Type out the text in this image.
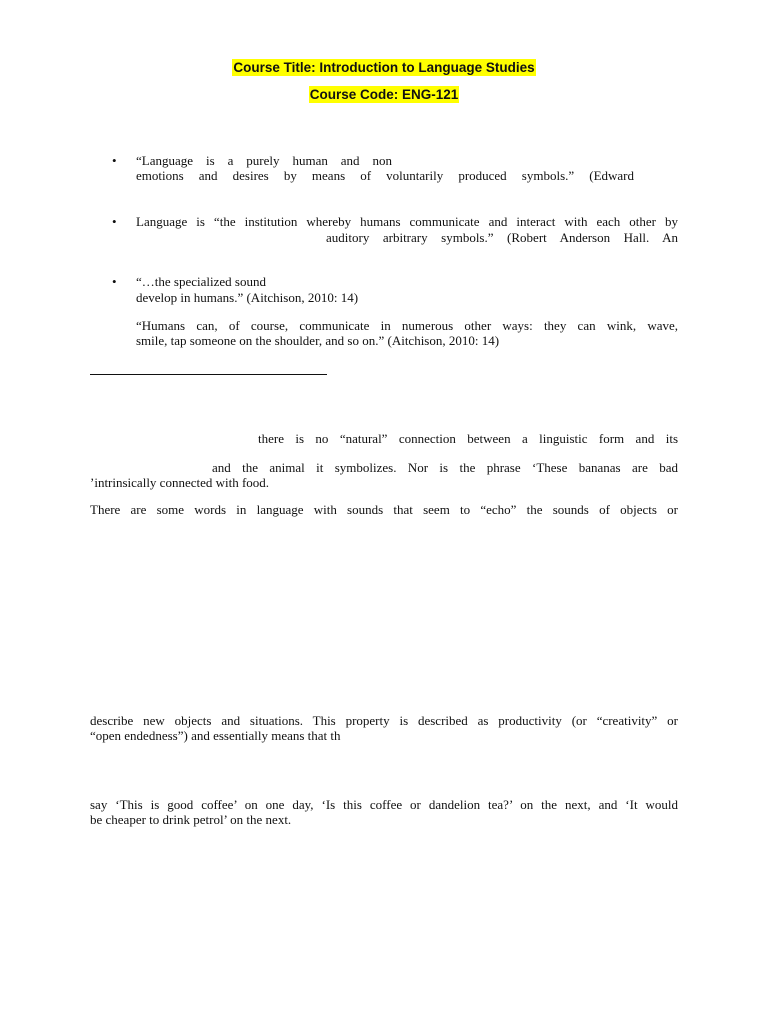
Course Title: Introduction to Language Studies
Course Code: ENG-121
• “Language is a purely human and non
emotions and desires by means of voluntarily produced symbols.” (Edward
• Language is “the institution whereby humans communicate and interact with each other by
auditory arbitrary symbols.” (Robert Anderson Hall. An
• “…the specialized sound
develop in humans.” (Aitchison, 2010: 14)
“Humans can, of course, communicate in numerous other ways: they can wink, wave,
smile, tap someone on the shoulder, and so on.” (Aitchison, 2010: 14)
there is no “natural” connection between a linguistic form and its
and the animal it symbolizes. Nor is the phrase ‘These bananas are bad
’intrinsically connected with food.
There are some words in language with sounds that seem to “echo” the sounds of objects or
describe new objects and situations. This property is described as productivity (or “creativity” or
“open endedness”) and essentially means that th
say ‘This is good coffee’ on one day, ‘Is this coffee or dandelion tea?’ on the next, and ‘It would
be cheaper to drink petrol’ on the next.
